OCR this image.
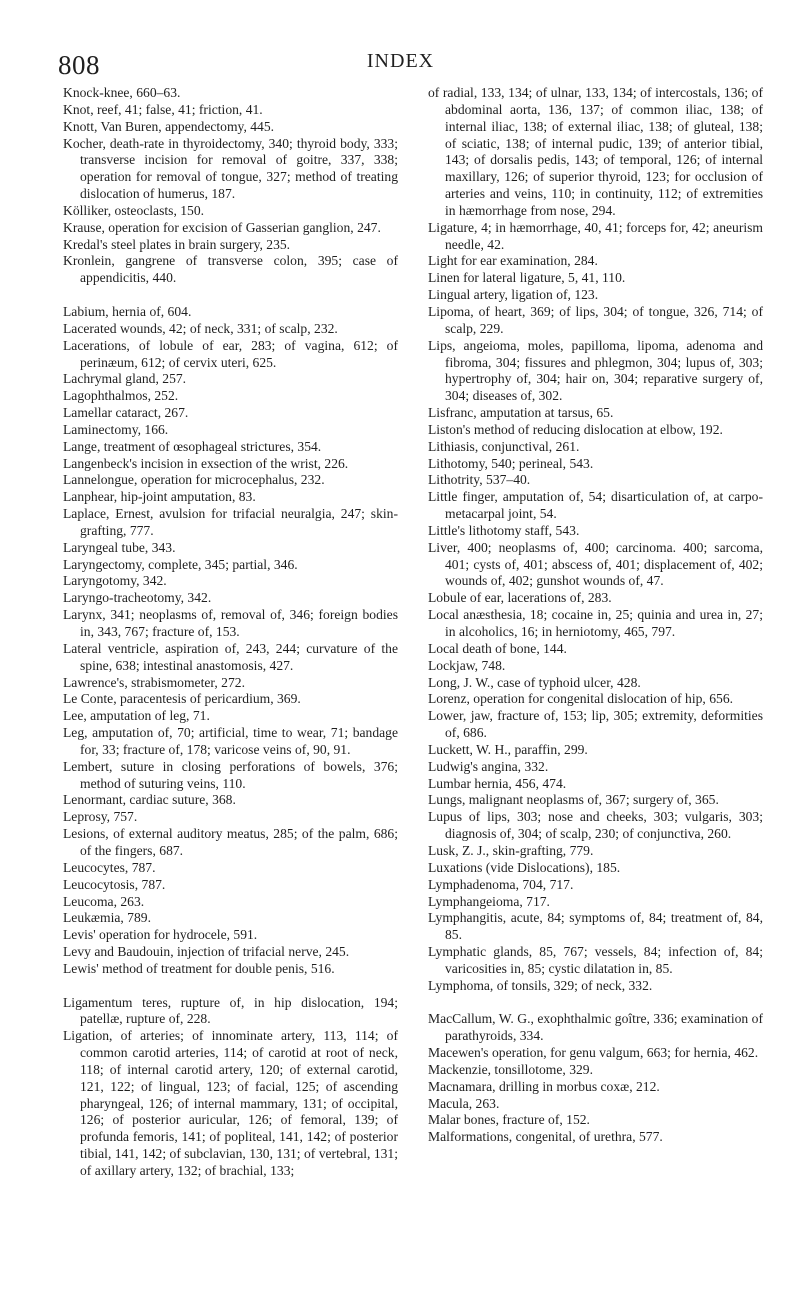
808	INDEX
Knock-knee, 660–63.
Knot, reef, 41; false, 41; friction, 41.
Knott, Van Buren, appendectomy, 445.
Kocher, death-rate in thyroidectomy, 340; thyroid body, 333; transverse incision for removal of goitre, 337, 338; operation for removal of tongue, 327; method of treating dislocation of humerus, 187.
Kölliker, osteoclasts, 150.
Krause, operation for excision of Gasserian ganglion, 247.
Kredal's steel plates in brain surgery, 235.
Kronlein, gangrene of transverse colon, 395; case of appendicitis, 440.
Labium, hernia of, 604.
Lacerated wounds, 42; of neck, 331; of scalp, 232.
Lacerations, of lobule of ear, 283; of vagina, 612; of perinæum, 612; of cervix uteri, 625.
Lachrymal gland, 257.
Lagophthalmos, 252.
Lamellar cataract, 267.
Laminectomy, 166.
Lange, treatment of œsophageal strictures, 354.
Langenbeck's incision in exsection of the wrist, 226.
Lannelongue, operation for microcephalus, 232.
Lanphear, hip-joint amputation, 83.
Laplace, Ernest, avulsion for trifacial neuralgia, 247; skin-grafting, 777.
Laryngeal tube, 343.
Laryngectomy, complete, 345; partial, 346.
Laryngotomy, 342.
Laryngo-tracheotomy, 342.
Larynx, 341; neoplasms of, removal of, 346; foreign bodies in, 343, 767; fracture of, 153.
Lateral ventricle, aspiration of, 243, 244; curvature of the spine, 638; intestinal anastomosis, 427.
Lawrence's, strabismometer, 272.
Le Conte, paracentesis of pericardium, 369.
Lee, amputation of leg, 71.
Leg, amputation of, 70; artificial, time to wear, 71; bandage for, 33; fracture of, 178; varicose veins of, 90, 91.
Lembert, suture in closing perforations of bowels, 376; method of suturing veins, 110.
Lenormant, cardiac suture, 368.
Leprosy, 757.
Lesions, of external auditory meatus, 285; of the palm, 686; of the fingers, 687.
Leucocytes, 787.
Leucocytosis, 787.
Leucoma, 263.
Leukæmia, 789.
Levis' operation for hydrocele, 591.
Levy and Baudouin, injection of trifacial nerve, 245.
Lewis' method of treatment for double penis, 516.
Ligamentum teres, rupture of, in hip dislocation, 194; patellæ, rupture of, 228.
Ligation, of arteries; of innominate artery, 113, 114; of common carotid arteries, 114; of carotid at root of neck, 118; of internal carotid artery, 120; of external carotid, 121, 122; of lingual, 123; of facial, 125; of ascending pharyngeal, 126; of internal mammary, 131; of occipital, 126; of posterior auricular, 126; of femoral, 139; of profunda femoris, 141; of popliteal, 141, 142; of posterior tibial, 141, 142; of subclavian, 130, 131; of vertebral, 131; of axillary artery, 132; of brachial, 133;
of radial, 133, 134; of ulnar, 133, 134; of intercostals, 136; of abdominal aorta, 136, 137; of common iliac, 138; of internal iliac, 138; of external iliac, 138; of gluteal, 138; of sciatic, 138; of internal pudic, 139; of anterior tibial, 143; of dorsalis pedis, 143; of temporal, 126; of internal maxillary, 126; of superior thyroid, 123; for occlusion of arteries and veins, 110; in continuity, 112; of extremities in hæmorrhage from nose, 294.
Ligature, 4; in hæmorrhage, 40, 41; forceps for, 42; aneurism needle, 42.
Light for ear examination, 284.
Linen for lateral ligature, 5, 41, 110.
Lingual artery, ligation of, 123.
Lipoma, of heart, 369; of lips, 304; of tongue, 326, 714; of scalp, 229.
Lips, angeioma, moles, papilloma, lipoma, adenoma and fibroma, 304; fissures and phlegmon, 304; lupus of, 303; hypertrophy of, 304; hair on, 304; reparative surgery of, 304; diseases of, 302.
Lisfranc, amputation at tarsus, 65.
Liston's method of reducing dislocation at elbow, 192.
Lithiasis, conjunctival, 261.
Lithotomy, 540; perineal, 543.
Lithotrity, 537–40.
Little finger, amputation of, 54; disarticulation of, at carpo-metacarpal joint, 54.
Little's lithotomy staff, 543.
Liver, 400; neoplasms of, 400; carcinoma. 400; sarcoma, 401; cysts of, 401; abscess of, 401; displacement of, 402; wounds of, 402; gunshot wounds of, 47.
Lobule of ear, lacerations of, 283.
Local anæsthesia, 18; cocaine in, 25; quinia and urea in, 27; in alcoholics, 16; in herniotomy, 465, 797.
Local death of bone, 144.
Lockjaw, 748.
Long, J. W., case of typhoid ulcer, 428.
Lorenz, operation for congenital dislocation of hip, 656.
Lower, jaw, fracture of, 153; lip, 305; extremity, deformities of, 686.
Luckett, W. H., paraffin, 299.
Ludwig's angina, 332.
Lumbar hernia, 456, 474.
Lungs, malignant neoplasms of, 367; surgery of, 365.
Lupus of lips, 303; nose and cheeks, 303; vulgaris, 303; diagnosis of, 304; of scalp, 230; of conjunctiva, 260.
Lusk, Z. J., skin-grafting, 779.
Luxations (vide Dislocations), 185.
Lymphadenoma, 704, 717.
Lymphangeioma, 717.
Lymphangitis, acute, 84; symptoms of, 84; treatment of, 84, 85.
Lymphatic glands, 85, 767; vessels, 84; infection of, 84; varicosities in, 85; cystic dilatation in, 85.
Lymphoma, of tonsils, 329; of neck, 332.
MacCallum, W. G., exophthalmic goître, 336; examination of parathyroids, 334.
Macewen's operation, for genu valgum, 663; for hernia, 462.
Mackenzie, tonsillotome, 329.
Macnamara, drilling in morbus coxæ, 212.
Macula, 263.
Malar bones, fracture of, 152.
Malformations, congenital, of urethra, 577.
